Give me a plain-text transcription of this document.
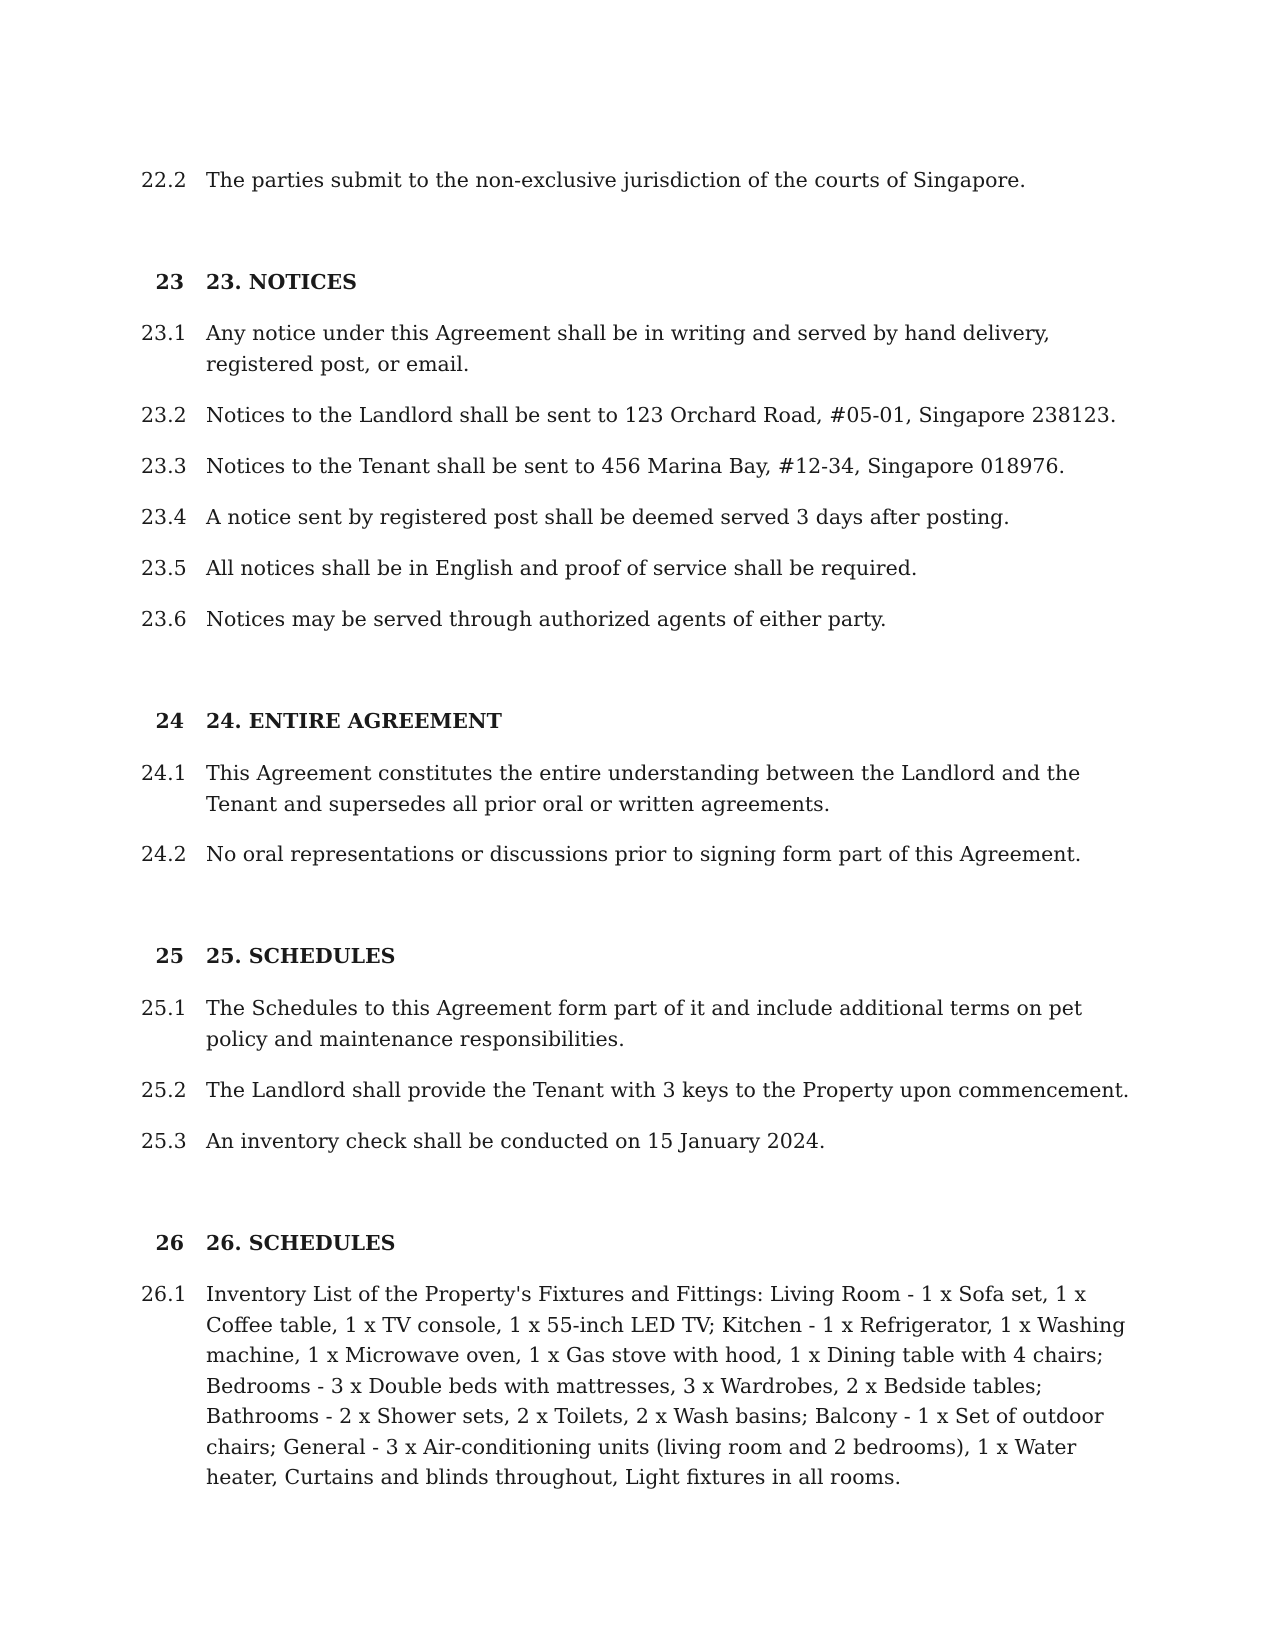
22.2 The parties submit to the non-exclusive jurisdiction of the courts of Singapore.
23 23. NOTICES
23.1 Any notice under this Agreement shall be in writing and served by hand delivery, registered post, or email.
23.2 Notices to the Landlord shall be sent to 123 Orchard Road, #05-01, Singapore 238123.
23.3 Notices to the Tenant shall be sent to 456 Marina Bay, #12-34, Singapore 018976.
23.4 A notice sent by registered post shall be deemed served 3 days after posting.
23.5 All notices shall be in English and proof of service shall be required.
23.6 Notices may be served through authorized agents of either party.
24 24. ENTIRE AGREEMENT
24.1 This Agreement constitutes the entire understanding between the Landlord and the Tenant and supersedes all prior oral or written agreements.
24.2 No oral representations or discussions prior to signing form part of this Agreement.
25 25. SCHEDULES
25.1 The Schedules to this Agreement form part of it and include additional terms on pet policy and maintenance responsibilities.
25.2 The Landlord shall provide the Tenant with 3 keys to the Property upon commencement.
25.3 An inventory check shall be conducted on 15 January 2024.
26 26. SCHEDULES
26.1 Inventory List of the Property's Fixtures and Fittings: Living Room - 1 x Sofa set, 1 x Coffee table, 1 x TV console, 1 x 55-inch LED TV; Kitchen - 1 x Refrigerator, 1 x Washing machine, 1 x Microwave oven, 1 x Gas stove with hood, 1 x Dining table with 4 chairs; Bedrooms - 3 x Double beds with mattresses, 3 x Wardrobes, 2 x Bedside tables; Bathrooms - 2 x Shower sets, 2 x Toilets, 2 x Wash basins; Balcony - 1 x Set of outdoor chairs; General - 3 x Air-conditioning units (living room and 2 bedrooms), 1 x Water heater, Curtains and blinds throughout, Light fixtures in all rooms.
